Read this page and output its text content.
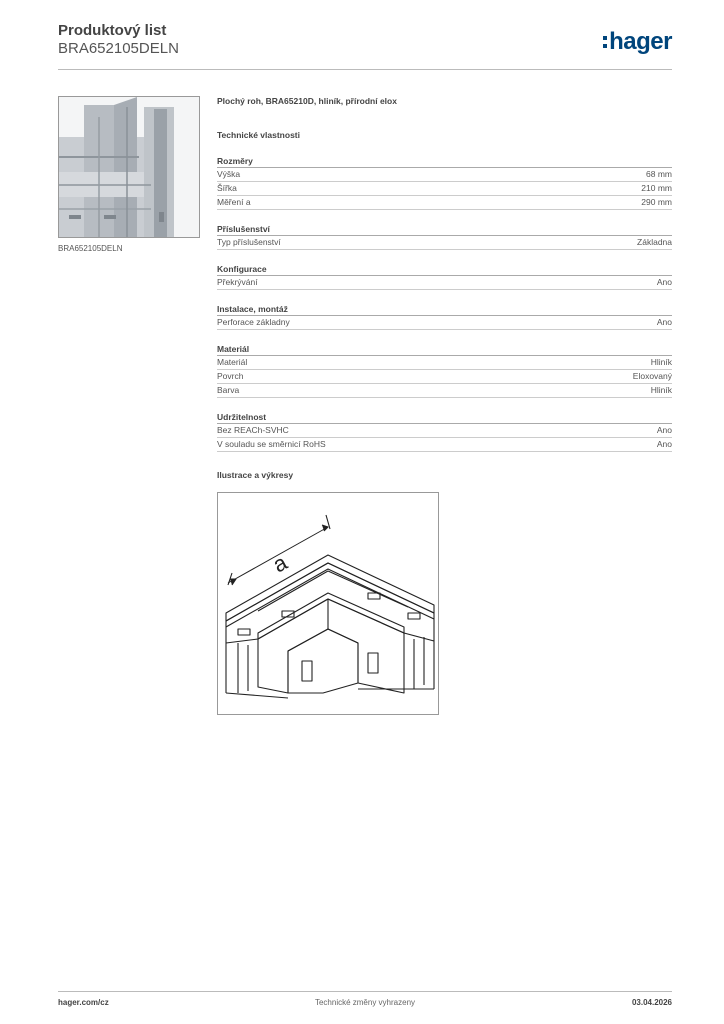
Produktový list
BRA652105DELN	hager
BRA652105DELN
Plochý roh, BRA65210D, hliník, přírodní elox
Technické vlastnosti
Rozměry
Výška	68 mm
Šířka	210 mm
Měření a	290 mm
Příslušenství
Typ příslušenství	Základna
Konfigurace
Překrývání	Ano
Instalace, montáž
Perforace základny	Ano
Materiál
Materiál	Hliník
Povrch	Eloxovaný
Barva	Hliník
Udržitelnost
Bez REACh-SVHC	Ano
V souladu se směrnicí RoHS	Ano
Ilustrace a výkresy
a
hager.com/cz	Technické změny vyhrazeny	03.04.2026
